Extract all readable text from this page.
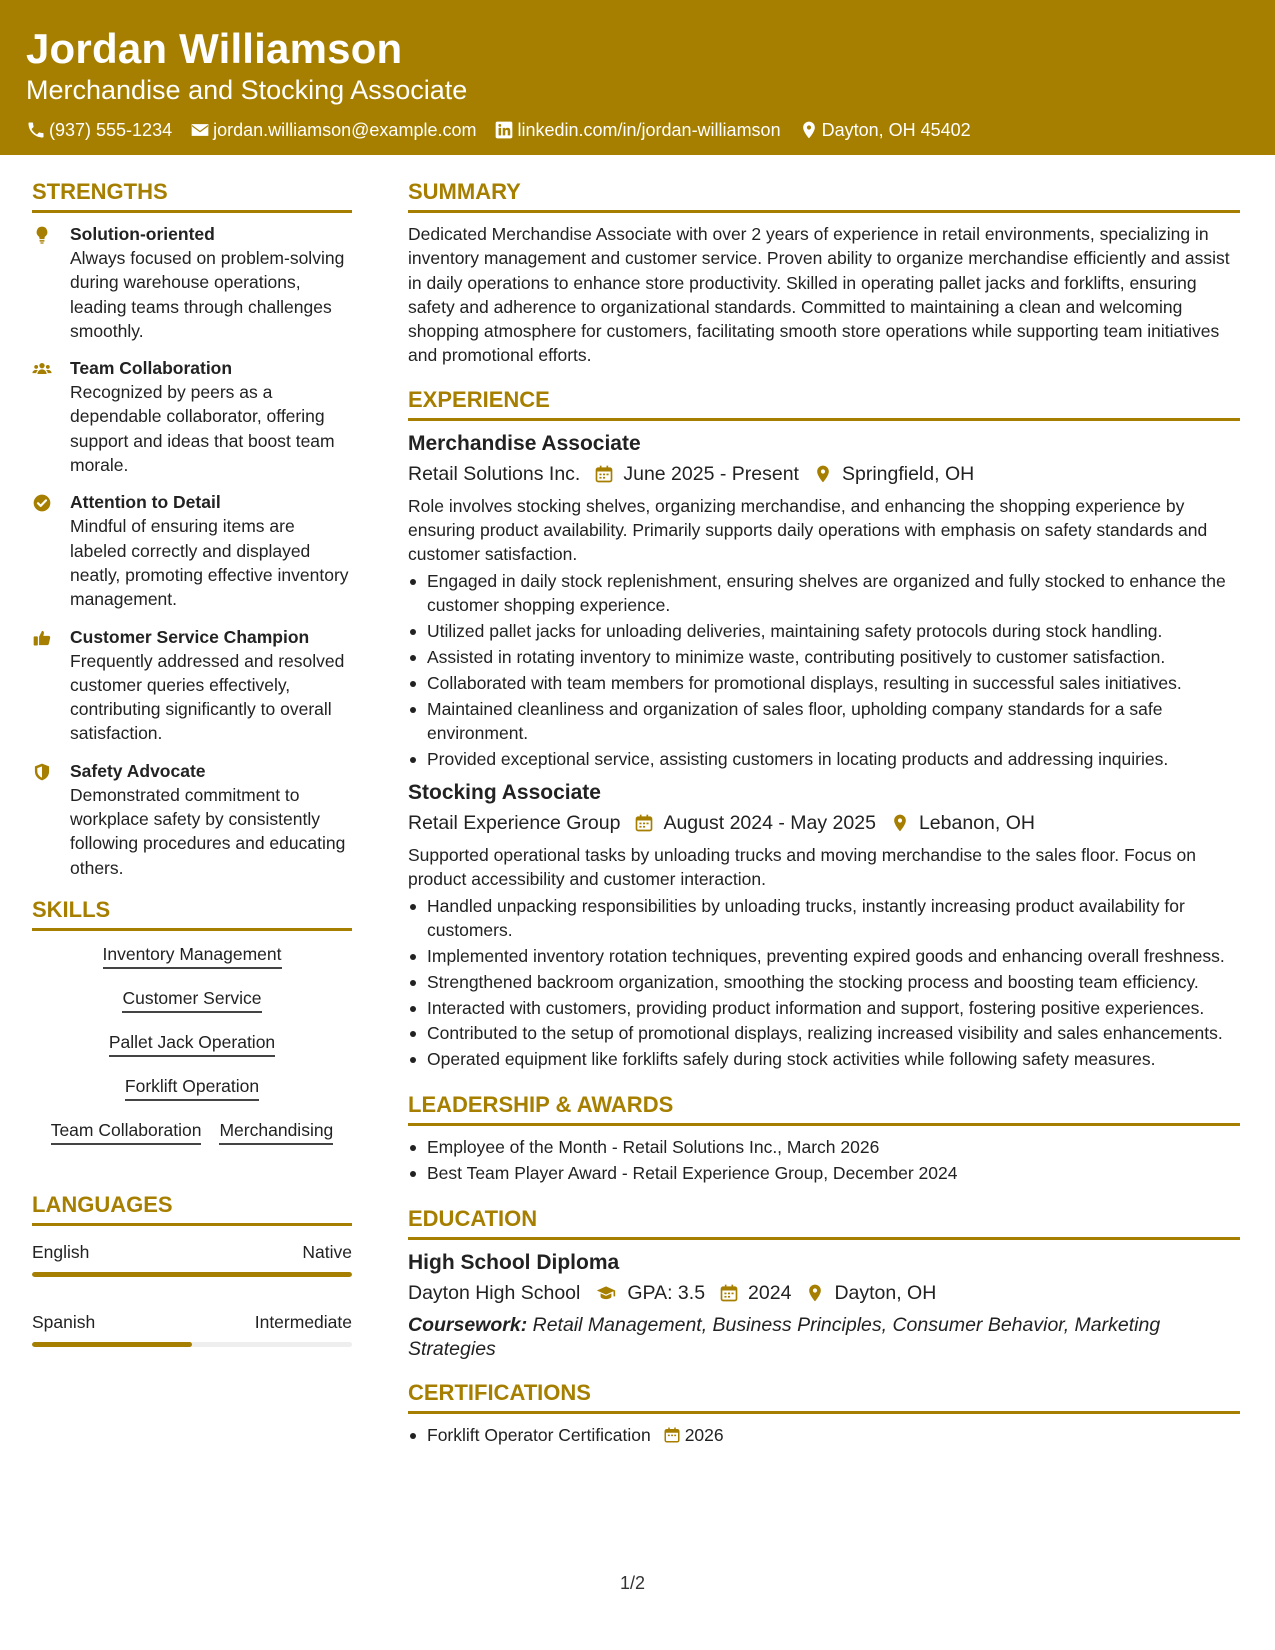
Jordan Williamson
Merchandise and Stocking Associate
(937) 555-1234 jordan.williamson@example.com linkedin.com/in/jordan-williamson Dayton, OH 45402
STRENGTHS
Solution-oriented
Always focused on problem-solving during warehouse operations, leading teams through challenges smoothly.
Team Collaboration
Recognized by peers as a dependable collaborator, offering support and ideas that boost team morale.
Attention to Detail
Mindful of ensuring items are labeled correctly and displayed neatly, promoting effective inventory management.
Customer Service Champion
Frequently addressed and resolved customer queries effectively, contributing significantly to overall satisfaction.
Safety Advocate
Demonstrated commitment to workplace safety by consistently following procedures and educating others.
SKILLS
Inventory Management
Customer Service
Pallet Jack Operation
Forklift Operation
Team Collaboration Merchandising
LANGUAGES
English	Native
Spanish	Intermediate
SUMMARY
Dedicated Merchandise Associate with over 2 years of experience in retail environments, specializing in inventory management and customer service. Proven ability to organize merchandise efficiently and assist in daily operations to enhance store productivity. Skilled in operating pallet jacks and forklifts, ensuring safety and adherence to organizational standards. Committed to maintaining a clean and welcoming shopping atmosphere for customers, facilitating smooth store operations while supporting team initiatives and promotional efforts.
EXPERIENCE
Merchandise Associate
Retail Solutions Inc. June 2025 - Present Springfield, OH
Role involves stocking shelves, organizing merchandise, and enhancing the shopping experience by ensuring product availability. Primarily supports daily operations with emphasis on safety standards and customer satisfaction.
Engaged in daily stock replenishment, ensuring shelves are organized and fully stocked to enhance the customer shopping experience.
Utilized pallet jacks for unloading deliveries, maintaining safety protocols during stock handling.
Assisted in rotating inventory to minimize waste, contributing positively to customer satisfaction.
Collaborated with team members for promotional displays, resulting in successful sales initiatives.
Maintained cleanliness and organization of sales floor, upholding company standards for a safe environment.
Provided exceptional service, assisting customers in locating products and addressing inquiries.
Stocking Associate
Retail Experience Group August 2024 - May 2025 Lebanon, OH
Supported operational tasks by unloading trucks and moving merchandise to the sales floor. Focus on product accessibility and customer interaction.
Handled unpacking responsibilities by unloading trucks, instantly increasing product availability for customers.
Implemented inventory rotation techniques, preventing expired goods and enhancing overall freshness.
Strengthened backroom organization, smoothing the stocking process and boosting team efficiency.
Interacted with customers, providing product information and support, fostering positive experiences.
Contributed to the setup of promotional displays, realizing increased visibility and sales enhancements.
Operated equipment like forklifts safely during stock activities while following safety measures.
LEADERSHIP & AWARDS
Employee of the Month - Retail Solutions Inc., March 2026
Best Team Player Award - Retail Experience Group, December 2024
EDUCATION
High School Diploma
Dayton High School GPA: 3.5 2024 Dayton, OH
Coursework: Retail Management, Business Principles, Consumer Behavior, Marketing Strategies
CERTIFICATIONS
Forklift Operator Certification 2026
1/2
